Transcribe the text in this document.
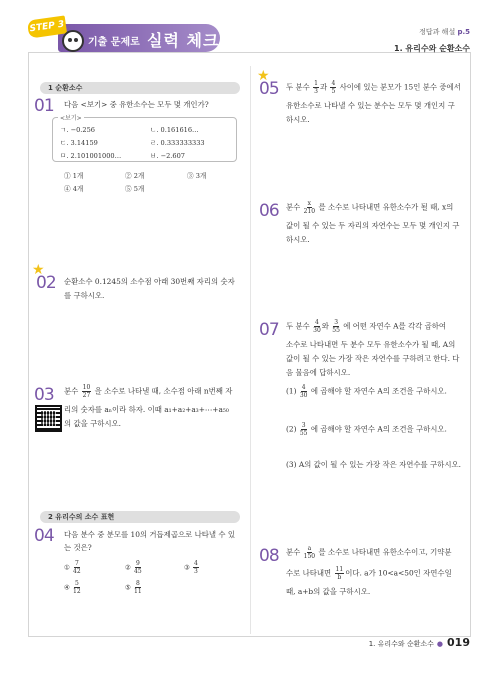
STEP 3
기출 문제로 실력 체크	정답과 해설 p.5
1. 유리수와 순환소수
1 순환소수
01 다음 <보기> 중 유한소수는 모두 몇 개인가?
<보기>
ㄱ. −0.256	ㄴ. 0.161616…
ㄷ. 3.14159	ㄹ. 0.333333333
ㅁ. 2.101001000…	ㅂ. −2.607
① 1개	② 2개	③ 3개
④ 4개	⑤ 5개
★
02 순환소수 0.1245의 소수점 아래 30번째 자리의 숫자
를 구하시오.
03 분수 $\frac{10}{27}$ 을 소수로 나타낼 때, 소수점 아래 n번째 자
리의 숫자를 aₙ이라 하자. 이때 a₁+a₂+a₃+⋯+a₅₀
의 값을 구하시오.
2 유리수의 소수 표현
04 다음 분수 중 분모를 10의 거듭제곱으로 나타낼 수 있
는 것은?
① $\frac{7}{42}$	② $\frac{9}{45}$	③ $\frac{4}{3}$
④ $\frac{5}{12}$	⑤ $\frac{8}{11}$
★
05 두 분수 $\frac{1}{3}$ 과 $\frac{4}{5}$ 사이에 있는 분모가 15인 분수 중에서
유한소수로 나타낼 수 있는 분수는 모두 몇 개인지 구
하시오.
06 분수 $\frac{x}{210}$ 를 소수로 나타내면 유한소수가 될 때, x의
값이 될 수 있는 두 자리의 자연수는 모두 몇 개인지 구
하시오.
07 두 분수 $\frac{4}{30}$ 와 $\frac{3}{55}$ 에 어떤 자연수 A를 각각 곱하여
소수로 나타내면 두 분수 모두 유한소수가 될 때, A의
값이 될 수 있는 가장 작은 자연수를 구하려고 한다. 다
음 물음에 답하시오.
$(1) \frac{4}{30}$ 에 곱해야 할 자연수 A의 조건을 구하시오.
$(2) \frac{3}{55}$ 에 곱해야 할 자연수 A의 조건을 구하시오.
(3) A의 값이 될 수 있는 가장 작은 자연수를 구하시오.
08 분수 $\frac{a}{150}$ 를 소수로 나타내면 유한소수이고, 기약분
수로 나타내면 $\frac{11}{b}$ 이다. a가 10<a<50인 자연수일
때, a+b의 값을 구하시오.
1. 유리수와 순환소수 ● 019
